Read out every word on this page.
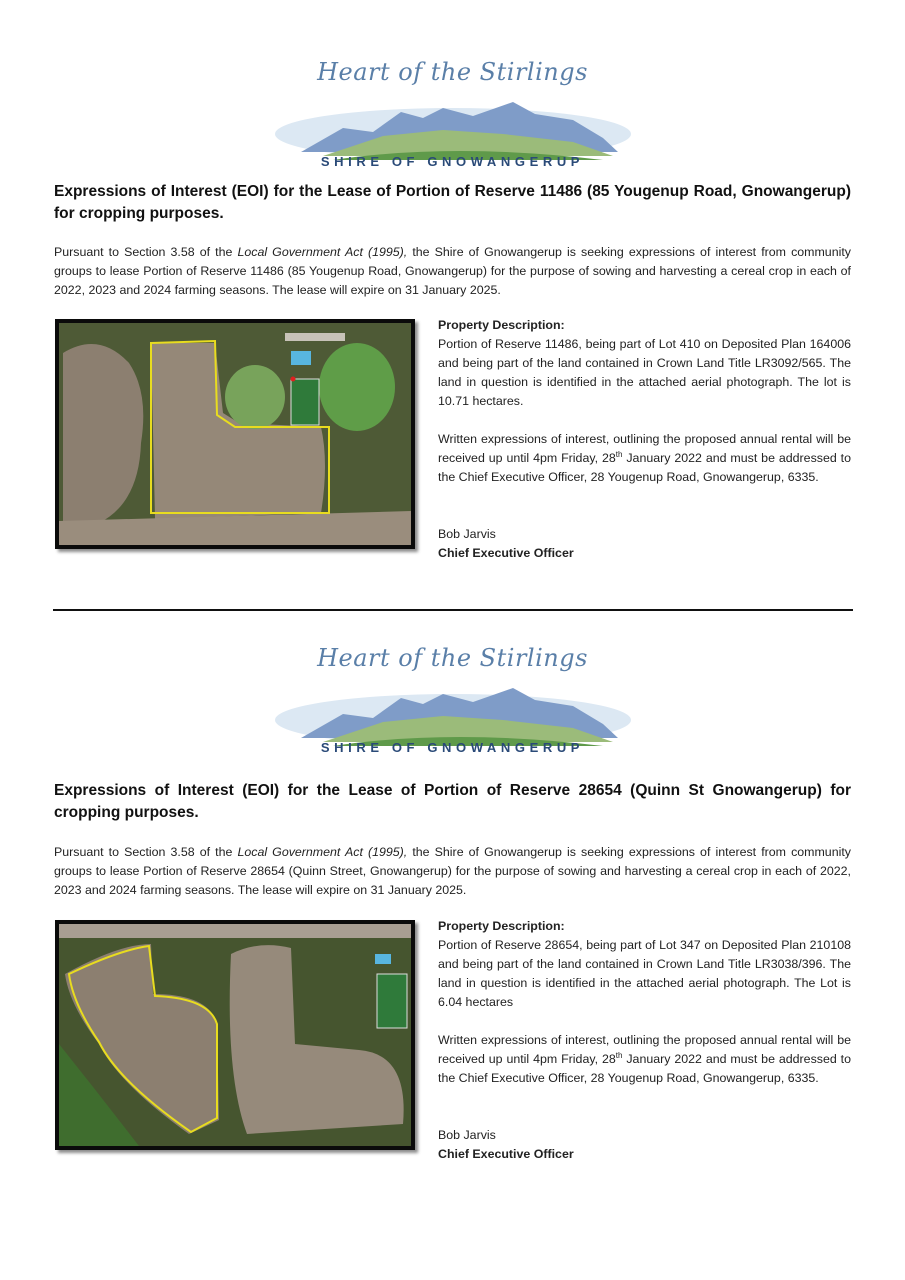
Heart of the Stirlings
SHIRE OF GNOWANGERUP
Expressions of Interest (EOI) for the Lease of Portion of Reserve 11486 (85 Yougenup Road, Gnowangerup) for cropping purposes.
Pursuant to Section 3.58 of the Local Government Act (1995), the Shire of Gnowangerup is seeking expressions of interest from community groups to lease Portion of Reserve 11486 (85 Yougenup Road, Gnowangerup) for the purpose of sowing and harvesting a cereal crop in each of 2022, 2023 and 2024 farming seasons. The lease will expire on 31 January 2025.
Property Description:
Portion of Reserve 11486, being part of Lot 410 on Deposited Plan 164006 and being part of the land contained in Crown Land Title LR3092/565. The land in question is identified in the attached aerial photograph. The lot is 10.71 hectares.
Written expressions of interest, outlining the proposed annual rental will be received up until 4pm Friday, 28th January 2022 and must be addressed to the Chief Executive Officer, 28 Yougenup Road, Gnowangerup, 6335.
Bob Jarvis
Chief Executive Officer
Heart of the Stirlings
SHIRE OF GNOWANGERUP
Expressions of Interest (EOI) for the Lease of Portion of Reserve 28654 (Quinn St Gnowangerup) for cropping purposes.
Pursuant to Section 3.58 of the Local Government Act (1995), the Shire of Gnowangerup is seeking expressions of interest from community groups to lease Portion of Reserve 28654 (Quinn Street, Gnowangerup) for the purpose of sowing and harvesting a cereal crop in each of 2022, 2023 and 2024 farming seasons. The lease will expire on 31 January 2025.
Property Description:
Portion of Reserve 28654, being part of Lot 347 on Deposited Plan 210108 and being part of the land contained in Crown Land Title LR3038/396. The land in question is identified in the attached aerial photograph. The Lot is 6.04 hectares
Written expressions of interest, outlining the proposed annual rental will be received up until 4pm Friday, 28th January 2022 and must be addressed to the Chief Executive Officer, 28 Yougenup Road, Gnowangerup, 6335.
Bob Jarvis
Chief Executive Officer
